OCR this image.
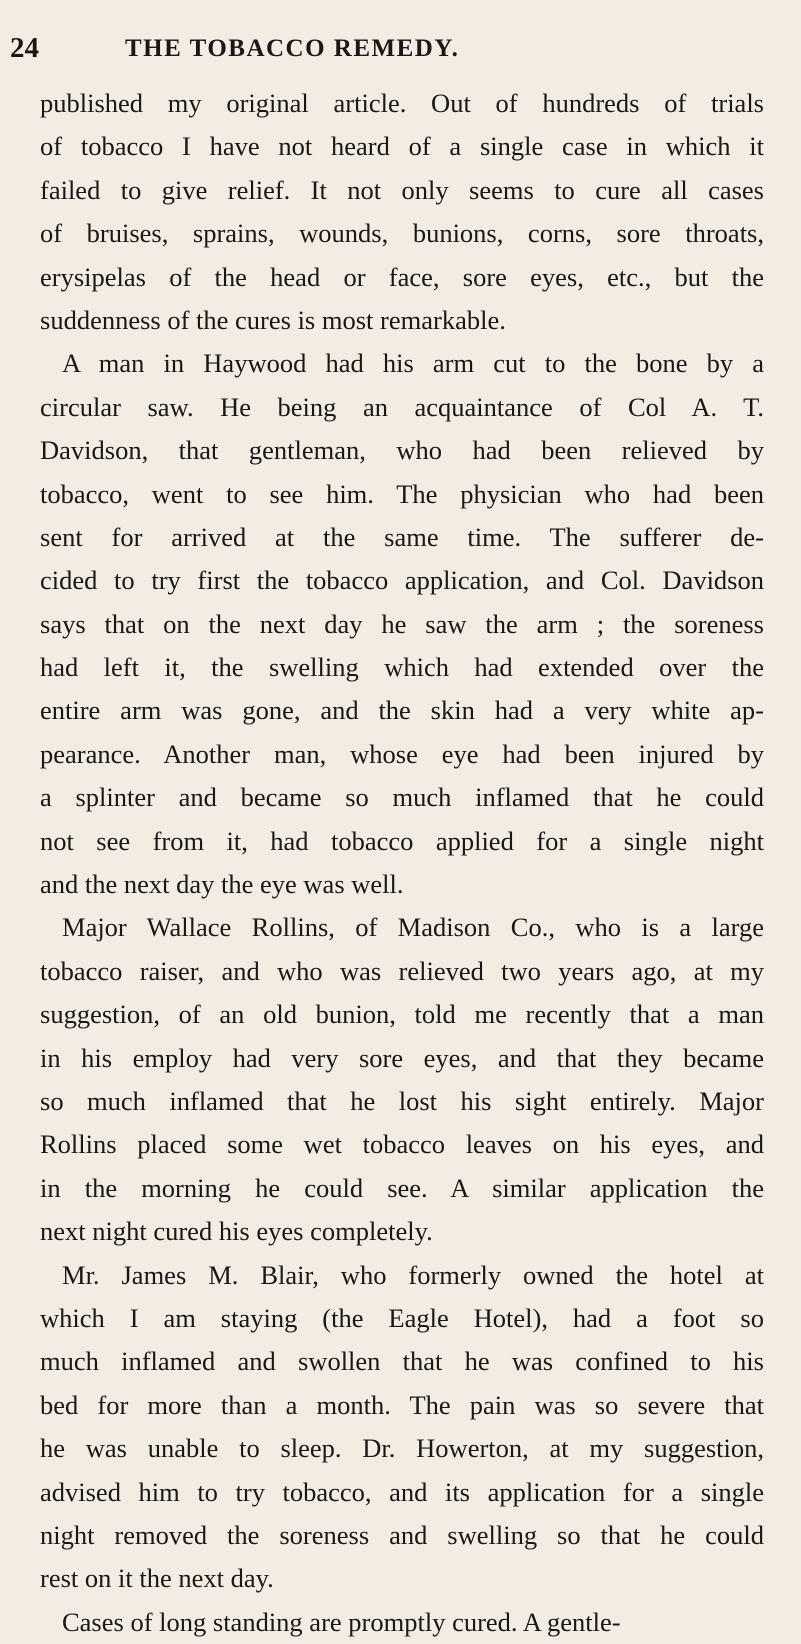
24	THE TOBACCO REMEDY.
published my original article. Out of hundreds of trials
of tobacco I have not heard of a single case in which it
failed to give relief. It not only seems to cure all cases
of bruises, sprains, wounds, bunions, corns, sore throats,
erysipelas of the head or face, sore eyes, etc., but the
suddenness of the cures is most remarkable.
A man in Haywood had his arm cut to the bone by a
circular saw. He being an acquaintance of Col A. T.
Davidson, that gentleman, who had been relieved by
tobacco, went to see him. The physician who had been
sent for arrived at the same time. The sufferer de-
cided to try first the tobacco application, and Col. Davidson
says that on the next day he saw the arm ; the soreness
had left it, the swelling which had extended over the
entire arm was gone, and the skin had a very white ap-
pearance. Another man, whose eye had been injured by
a splinter and became so much inflamed that he could
not see from it, had tobacco applied for a single night
and the next day the eye was well.
Major Wallace Rollins, of Madison Co., who is a large
tobacco raiser, and who was relieved two years ago, at my
suggestion, of an old bunion, told me recently that a man
in his employ had very sore eyes, and that they became
so much inflamed that he lost his sight entirely. Major
Rollins placed some wet tobacco leaves on his eyes, and
in the morning he could see. A similar application the
next night cured his eyes completely.
Mr. James M. Blair, who formerly owned the hotel at
which I am staying (the Eagle Hotel), had a foot so
much inflamed and swollen that he was confined to his
bed for more than a month. The pain was so severe that
he was unable to sleep. Dr. Howerton, at my suggestion,
advised him to try tobacco, and its application for a single
night removed the soreness and swelling so that he could
rest on it the next day.
Cases of long standing are promptly cured. A gentle-
